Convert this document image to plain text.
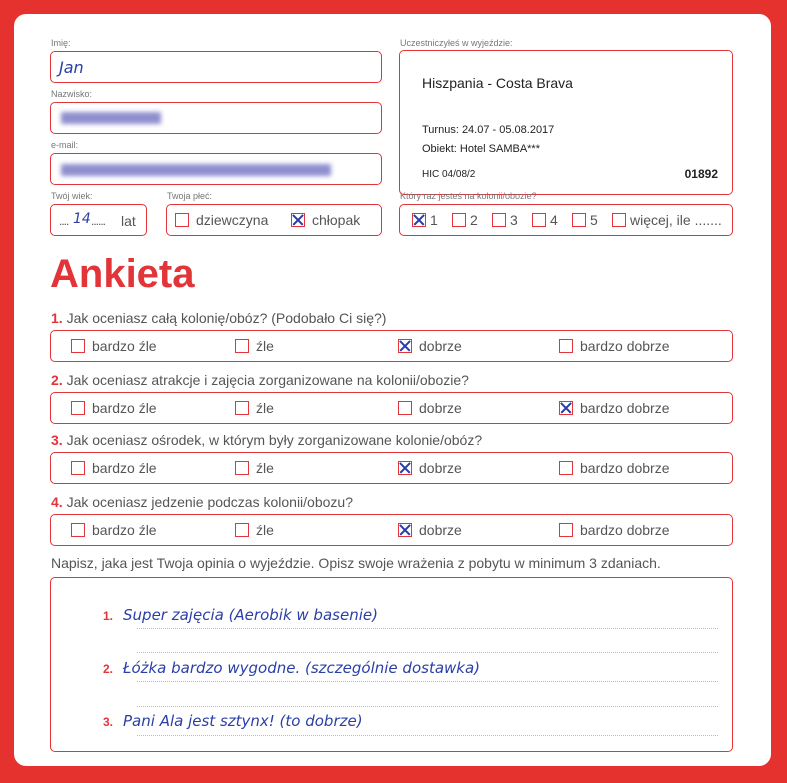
Imię:
Jan
Nazwisko:
e-mail:
Twój wiek:
.... 14 ...... lat
Twoja płeć:
dziewczyna	chłopak
Uczestniczyłeś w wyjeździe:
Hiszpania - Costa Brava
Turnus: 24.07 - 05.08.2017
Obiekt: Hotel SAMBA***
HIC 04/08/2	01892
Który raz jesteś na kolonii/obozie?
1 2 3 4 5 więcej, ile .......
Ankieta
1. Jak oceniasz całą kolonię/obóz? (Podobało Ci się?)
bardzo źle	źle	dobrze	bardzo dobrze
2. Jak oceniasz atrakcje i zajęcia zorganizowane na kolonii/obozie?
bardzo źle	źle	dobrze	bardzo dobrze
3. Jak oceniasz ośrodek, w którym były zorganizowane kolonie/obóz?
bardzo źle	źle	dobrze	bardzo dobrze
4. Jak oceniasz jedzenie podczas kolonii/obozu?
bardzo źle	źle	dobrze	bardzo dobrze
Napisz, jaka jest Twoja opinia o wyjeździe. Opisz swoje wrażenia z pobytu w minimum 3 zdaniach.
1. Super zajęcia (Aerobik w basenie)
2. Łóżka bardzo wygodne. (szczególnie dostawka)
3. Pani Ala jest sztynx! (to dobrze)
